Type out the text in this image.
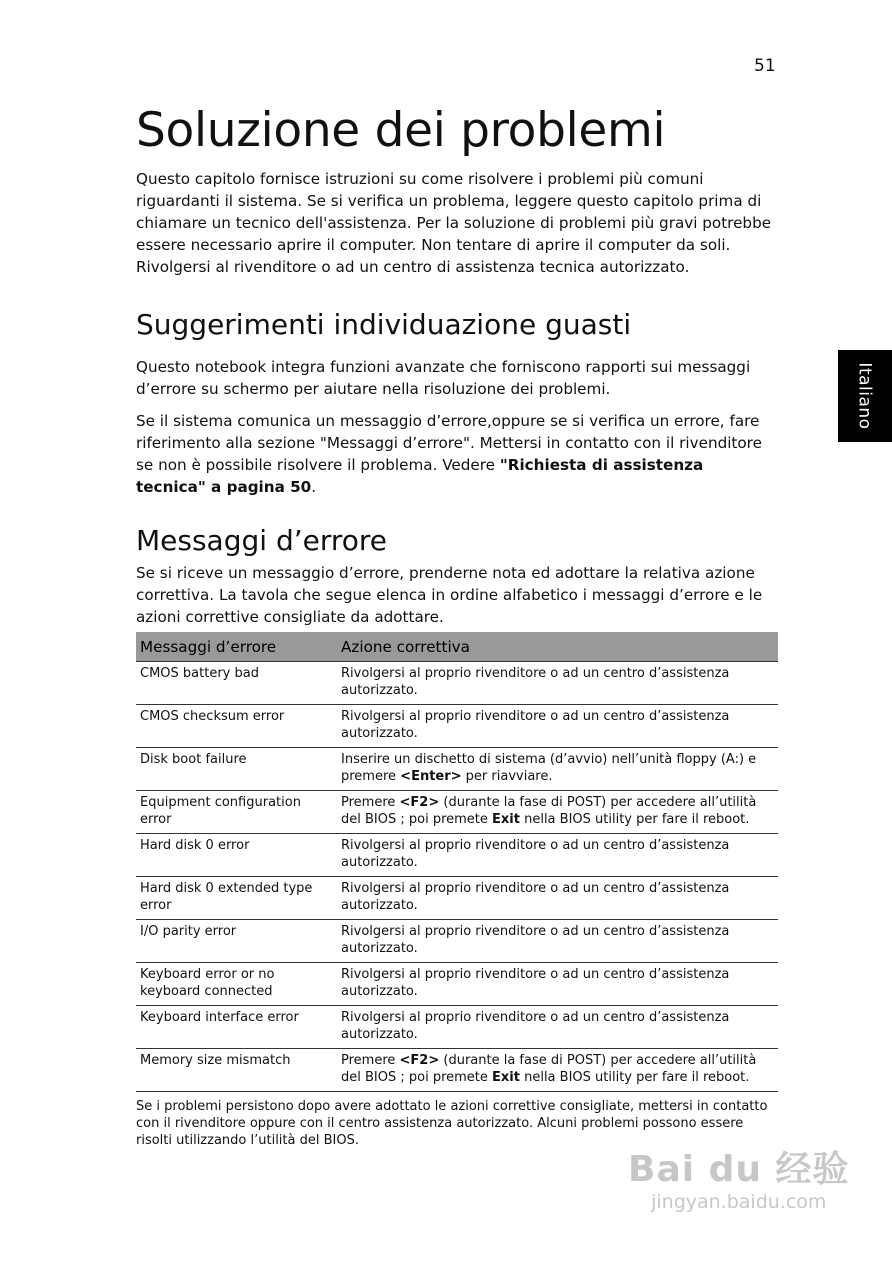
51
Italiano
Soluzione dei problemi

Questo capitolo fornisce istruzioni su come risolvere i problemi più comuni riguardanti il sistema. Se si verifica un problema, leggere questo capitolo prima di chiamare un tecnico dell'assistenza. Per la soluzione di problemi più gravi potrebbe essere necessario aprire il computer. Non tentare di aprire il computer da soli. Rivolgersi al rivenditore o ad un centro di assistenza tecnica autorizzato.

Suggerimenti individuazione guasti

Questo notebook integra funzioni avanzate che forniscono rapporti sui messaggi d’errore su schermo per aiutare nella risoluzione dei problemi.

Se il sistema comunica un messaggio d’errore,oppure se si verifica un errore, fare riferimento alla sezione "Messaggi d’errore". Mettersi in contatto con il rivenditore se non è possibile risolvere il problema. Vedere "Richiesta di assistenza tecnica" a pagina 50.

Messaggi d’errore

Se si riceve un messaggio d’errore, prenderne nota ed adottare la relativa azione correttiva. La tavola che segue elenca in ordine alfabetico i messaggi d’errore e le azioni correttive consigliate da adottare.

Messaggi d’errore	Azione correttiva
CMOS battery bad	Rivolgersi al proprio rivenditore o ad un centro d’assistenza autorizzato.
CMOS checksum error	Rivolgersi al proprio rivenditore o ad un centro d’assistenza autorizzato.
Disk boot failure	Inserire un dischetto di sistema (d’avvio) nell’unità floppy (A:) e premere <Enter> per riavviare.
Equipment configuration error	Premere <F2> (durante la fase di POST) per accedere all’utilità del BIOS ; poi premete Exit nella BIOS utility per fare il reboot.
Hard disk 0 error	Rivolgersi al proprio rivenditore o ad un centro d’assistenza autorizzato.
Hard disk 0 extended type error	Rivolgersi al proprio rivenditore o ad un centro d’assistenza autorizzato.
I/O parity error	Rivolgersi al proprio rivenditore o ad un centro d’assistenza autorizzato.
Keyboard error or no keyboard connected	Rivolgersi al proprio rivenditore o ad un centro d’assistenza autorizzato.
Keyboard interface error	Rivolgersi al proprio rivenditore o ad un centro d’assistenza autorizzato.
Memory size mismatch	Premere <F2> (durante la fase di POST) per accedere all’utilità del BIOS ; poi premete Exit nella BIOS utility per fare il reboot.

Se i problemi persistono dopo avere adottato le azioni correttive consigliate, mettersi in contatto con il rivenditore oppure con il centro assistenza autorizzato. Alcuni problemi possono essere risolti utilizzando l’utilità del BIOS.

Bai du 经验
jingyan.baidu.com
